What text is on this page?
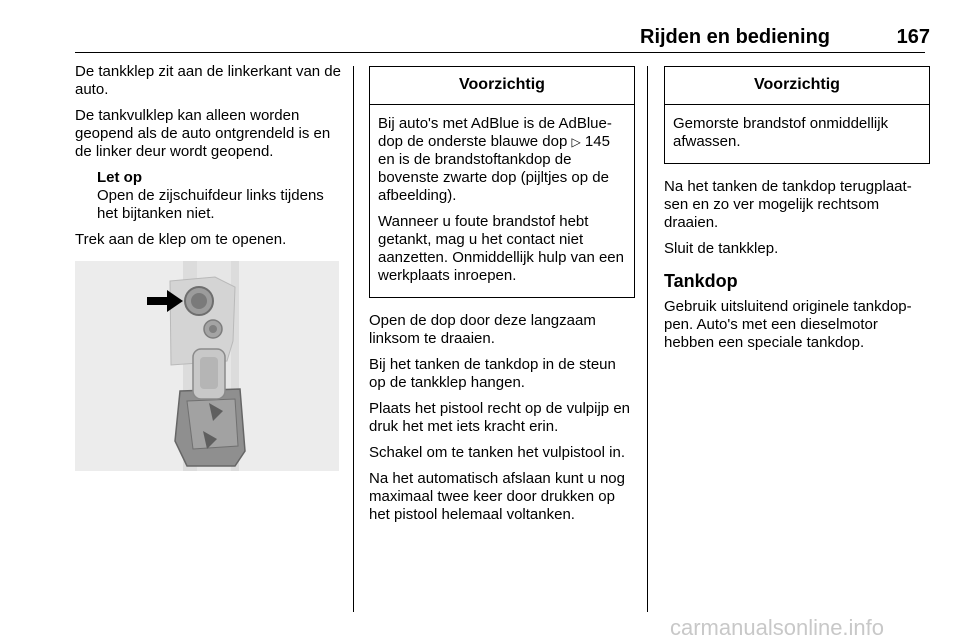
Rijden en bediening	167

De tankklep zit aan de linkerkant van de auto.

De tankvulklep kan alleen worden geopend als de auto ontgrendeld is en de linker deur wordt geopend.

Let op
Open de zijschuifdeur links tijdens het bijtanken niet.

Trek aan de klep om te openen.

Voorzichtig

Bij auto's met AdBlue is de AdBlue-dop de onderste blauwe dop ▷ 145 en is de brandstoftankdop de bovenste zwarte dop (pijltjes op de afbeelding).

Wanneer u foute brandstof hebt getankt, mag u het contact niet aanzetten. Onmiddellijk hulp van een werkplaats inroepen.

Open de dop door deze langzaam linksom te draaien.

Bij het tanken de tankdop in de steun op de tankklep hangen.

Plaats het pistool recht op de vulpijp en druk het met iets kracht erin.

Schakel om te tanken het vulpistool in.

Na het automatisch afslaan kunt u nog maximaal twee keer door drukken op het pistool helemaal voltanken.

Voorzichtig

Gemorste brandstof onmiddellijk afwassen.

Na het tanken de tankdop terugplaatsen en zo ver mogelijk rechtsom draaien.

Sluit de tankklep.

Tankdop

Gebruik uitsluitend originele tankdoppen. Auto's met een dieselmotor hebben een speciale tankdop.

carmanualsonline.info
